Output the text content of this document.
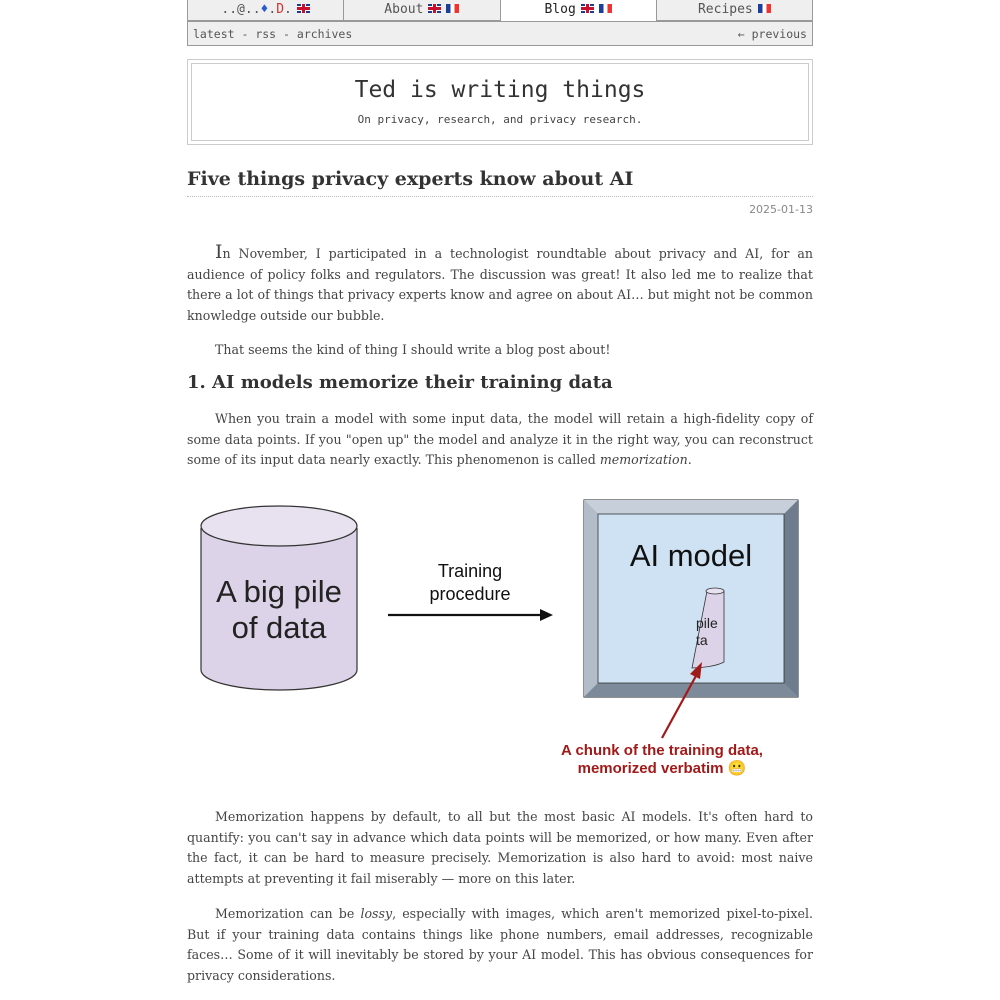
..@..♦.D.	About	Blog	Recipes
latest - rss - archives	← previous
Ted is writing things
On privacy, research, and privacy research.
Five things privacy experts know about AI
2025-01-13

In November, I participated in a technologist roundtable about privacy and AI, for an audience of policy folks and regulators. The discussion was great! It also led me to realize that there a lot of things that privacy experts know and agree on about AI… but might not be common knowledge outside our bubble.

That seems the kind of thing I should write a blog post about!

1. AI models memorize their training data

When you train a model with some input data, the model will retain a high-fidelity copy of some data points. If you "open up" the model and analyze it in the right way, you can reconstruct some of its input data nearly exactly. This phenomenon is called memorization.

A big pile
of data
Training
procedure
AI model
pile
ta
A chunk of the training data,
memorized verbatim 😬

Memorization happens by default, to all but the most basic AI models. It's often hard to quantify: you can't say in advance which data points will be memorized, or how many. Even after the fact, it can be hard to measure precisely. Memorization is also hard to avoid: most naive attempts at preventing it fail miserably — more on this later.

Memorization can be lossy, especially with images, which aren't memorized pixel-to-pixel. But if your training data contains things like phone numbers, email addresses, recognizable faces… Some of it will inevitably be stored by your AI model. This has obvious consequences for privacy considerations.
